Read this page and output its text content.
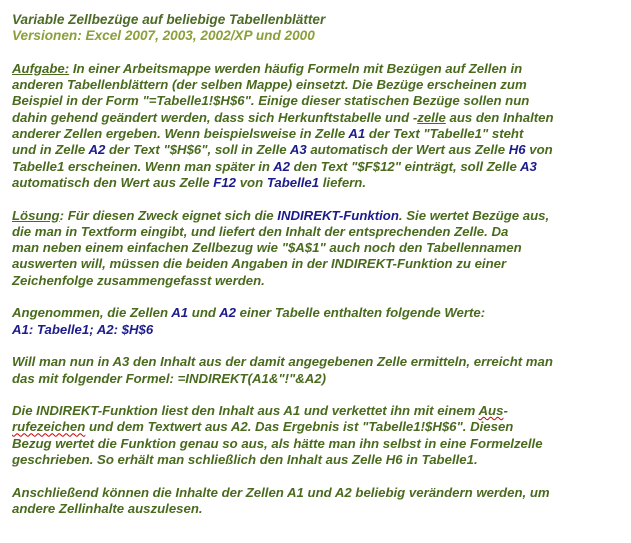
Variable Zellbezüge auf beliebige Tabellenblätter
Versionen: Excel 2007, 2003, 2002/XP und 2000
Aufgabe: In einer Arbeitsmappe werden häufig Formeln mit Bezügen auf Zellen in
anderen Tabellenblättern (der selben Mappe) einsetzt. Die Bezüge erscheinen zum
Beispiel in der Form "=Tabelle1!$H$6". Einige dieser statischen Bezüge sollen nun
dahin gehend geändert werden, dass sich Herkunftstabelle und -zelle aus den Inhalten
anderer Zellen ergeben. Wenn beispielsweise in Zelle A1 der Text "Tabelle1" steht
und in Zelle A2 der Text "$H$6", soll in Zelle A3 automatisch der Wert aus Zelle H6 von
Tabelle1 erscheinen. Wenn man später in A2 den Text "$F$12" einträgt, soll Zelle A3
automatisch den Wert aus Zelle F12 von Tabelle1 liefern.
Lösung: Für diesen Zweck eignet sich die INDIREKT-Funktion. Sie wertet Bezüge aus,
die man in Textform eingibt, und liefert den Inhalt der entsprechenden Zelle. Da
man neben einem einfachen Zellbezug wie "$A$1" auch noch den Tabellennamen
auswerten will, müssen die beiden Angaben in der INDIREKT-Funktion zu einer
Zeichenfolge zusammengefasst werden.
Angenommen, die Zellen A1 und A2 einer Tabelle enthalten folgende Werte:
A1: Tabelle1; A2: $H$6
Will man nun in A3 den Inhalt aus der damit angegebenen Zelle ermitteln, erreicht man
das mit folgender Formel: =INDIREKT(A1&"!"&A2)
Die INDIREKT-Funktion liest den Inhalt aus A1 und verkettet ihn mit einem Aus-
rufezeichen und dem Textwert aus A2. Das Ergebnis ist "Tabelle1!$H$6". Diesen
Bezug wertet die Funktion genau so aus, als hätte man ihn selbst in eine Formelzelle
geschrieben. So erhält man schließlich den Inhalt aus Zelle H6 in Tabelle1.
Anschließend können die Inhalte der Zellen A1 und A2 beliebig verändern werden, um
andere Zellinhalte auszulesen.
